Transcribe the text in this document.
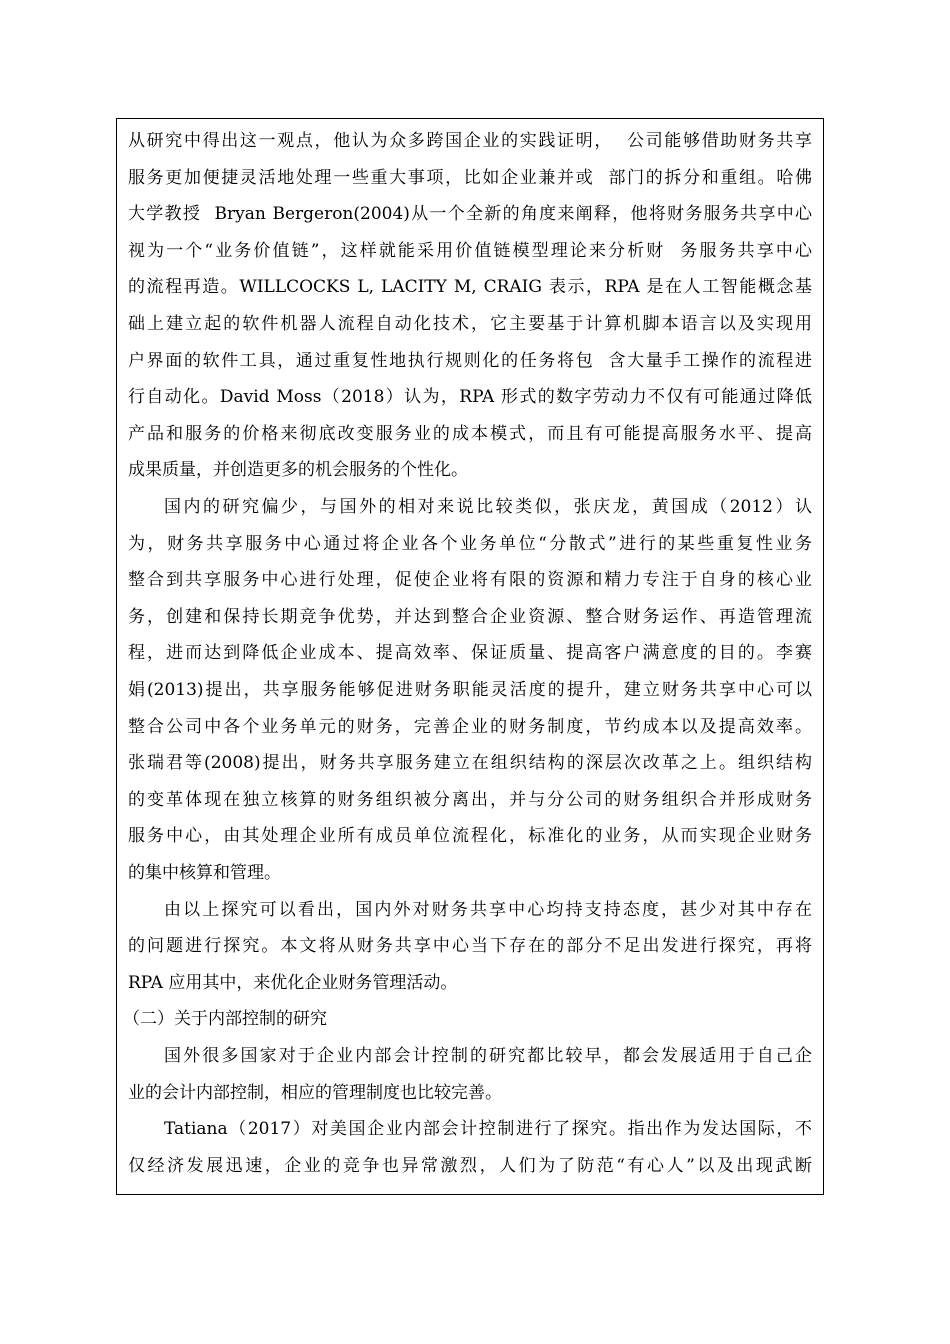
从研究中得出这一观点，他认为众多跨国企业的实践证明，  公司能够借助财务共享
服务更加便捷灵活地处理一些重大事项，比如企业兼并或  部门的拆分和重组。哈佛
大学教授  Bryan Bergeron(2004)从一个全新的角度来阐释，他将财务服务共享中心
视为一个“业务价值链”，这样就能采用价值链模型理论来分析财  务服务共享中心
的流程再造。WILLCOCKS L, LACITY M, CRAIG 表示，RPA 是在人工智能概念基
础上建立起的软件机器人流程自动化技术，它主要基于计算机脚本语言以及实现用
户界面的软件工具，通过重复性地执行规则化的任务将包  含大量手工操作的流程进
行自动化。David Moss（2018）认为，RPA 形式的数字劳动力不仅有可能通过降低
产品和服务的价格来彻底改变服务业的成本模式，而且有可能提高服务水平、提高
成果质量，并创造更多的机会服务的个性化。
国内的研究偏少，与国外的相对来说比较类似，张庆龙，黄国成（2012）认
为，财务共享服务中心通过将企业各个业务单位“分散式”进行的某些重复性业务
整合到共享服务中心进行处理，促使企业将有限的资源和精力专注于自身的核心业
务，创建和保持长期竞争优势，并达到整合企业资源、整合财务运作、再造管理流
程，进而达到降低企业成本、提高效率、保证质量、提高客户满意度的目的。李赛
娟(2013)提出，共享服务能够促进财务职能灵活度的提升，建立财务共享中心可以
整合公司中各个业务单元的财务，完善企业的财务制度，节约成本以及提高效率。
张瑞君等(2008)提出，财务共享服务建立在组织结构的深层次改革之上。组织结构
的变革体现在独立核算的财务组织被分离出，并与分公司的财务组织合并形成财务
服务中心，由其处理企业所有成员单位流程化，标准化的业务，从而实现企业财务
的集中核算和管理。
由以上探究可以看出，国内外对财务共享中心均持支持态度，甚少对其中存在
的问题进行探究。本文将从财务共享中心当下存在的部分不足出发进行探究，再将
RPA 应用其中，来优化企业财务管理活动。
（二）关于内部控制的研究
国外很多国家对于企业内部会计控制的研究都比较早，都会发展适用于自己企
业的会计内部控制，相应的管理制度也比较完善。
Tatiana（2017）对美国企业内部会计控制进行了探究。指出作为发达国际，不
仅经济发展迅速，企业的竞争也异常激烈，人们为了防范“有心人”以及出现武断
